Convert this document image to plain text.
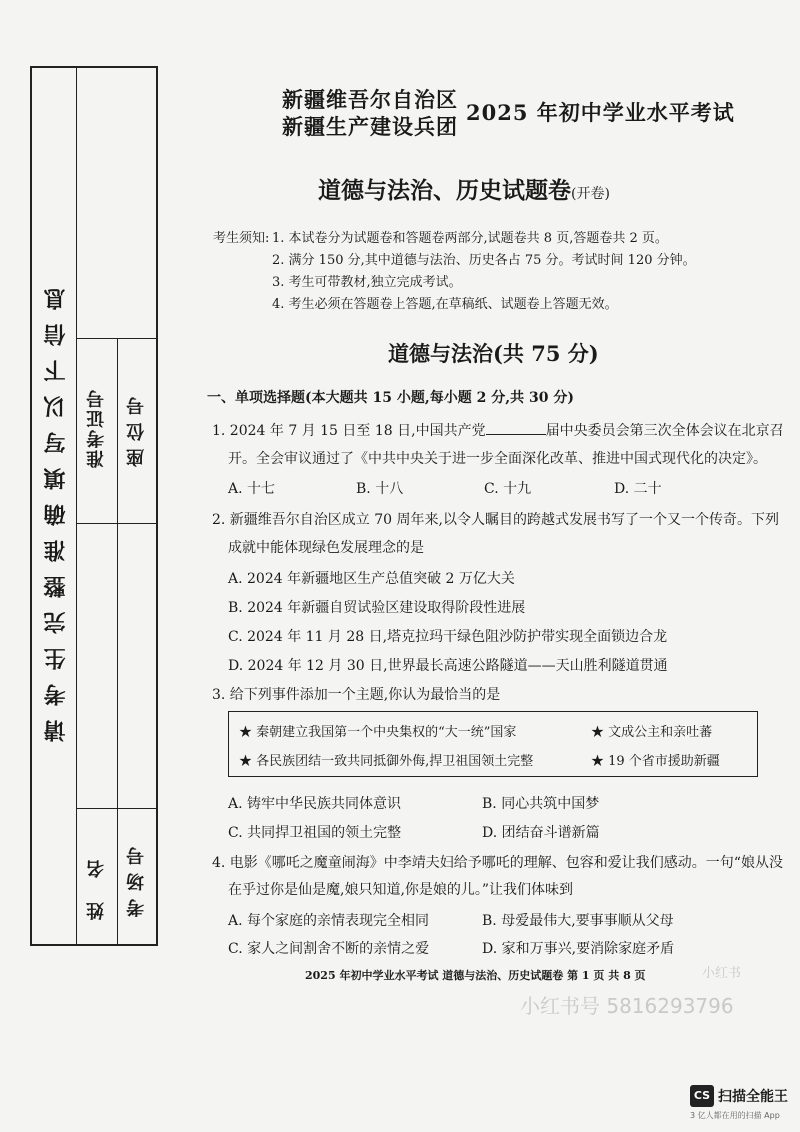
请考生完整准确填写以下信息 准考证号 座位号
姓名 考场号
新疆维吾尔自治区
新疆生产建设兵团
2025 年初中学业水平考试
道德与法治、历史试题卷(开卷)
考生须知: 1. 本试卷分为试题卷和答题卷两部分,试题卷共 8 页,答题卷共 2 页。
2. 满分 150 分,其中道德与法治、历史各占 75 分。考试时间 120 分钟。
3. 考生可带教材,独立完成考试。
4. 考生必须在答题卷上答题,在草稿纸、试题卷上答题无效。
道德与法治(共 75 分)
一、单项选择题(本大题共 15 小题,每小题 2 分,共 30 分)
1. 2024 年 7 月 15 日至 18 日,中国共产党	届中央委员会第三次全体会议在北京召
开。全会审议通过了《中共中央关于进一步全面深化改革、推进中国式现代化的决定》。
A. 十七	B. 十八	C. 十九	D. 二十
2. 新疆维吾尔自治区成立 70 周年来,以令人瞩目的跨越式发展书写了一个又一个传奇。下列
成就中能体现绿色发展理念的是
A. 2024 年新疆地区生产总值突破 2 万亿大关
B. 2024 年新疆自贸试验区建设取得阶段性进展
C. 2024 年 11 月 28 日,塔克拉玛干绿色阻沙防护带实现全面锁边合龙
D. 2024 年 12 月 30 日,世界最长高速公路隧道——天山胜利隧道贯通
3. 给下列事件添加一个主题,你认为最恰当的是
★ 秦朝建立我国第一个中央集权的“大一统”国家	★ 文成公主和亲吐蕃
★ 各民族团结一致共同抵御外侮,捍卫祖国领土完整	★ 19 个省市援助新疆
A. 铸牢中华民族共同体意识	B. 同心共筑中国梦
C. 共同捍卫祖国的领土完整	D. 团结奋斗谱新篇
4. 电影《哪吒之魔童闹海》中李靖夫妇给予哪吒的理解、包容和爱让我们感动。一句“娘从没
在乎过你是仙是魔,娘只知道,你是娘的儿。”让我们体味到
A. 每个家庭的亲情表现完全相同	B. 母爱最伟大,要事事顺从父母
C. 家人之间割舍不断的亲情之爱	D. 家和万事兴,要消除家庭矛盾
2025 年初中学业水平考试 道德与法治、历史试题卷 第 1 页 共 8 页	小红书
小红书号 5816293796
CS 扫描全能王
3 亿人都在用的扫描 App
